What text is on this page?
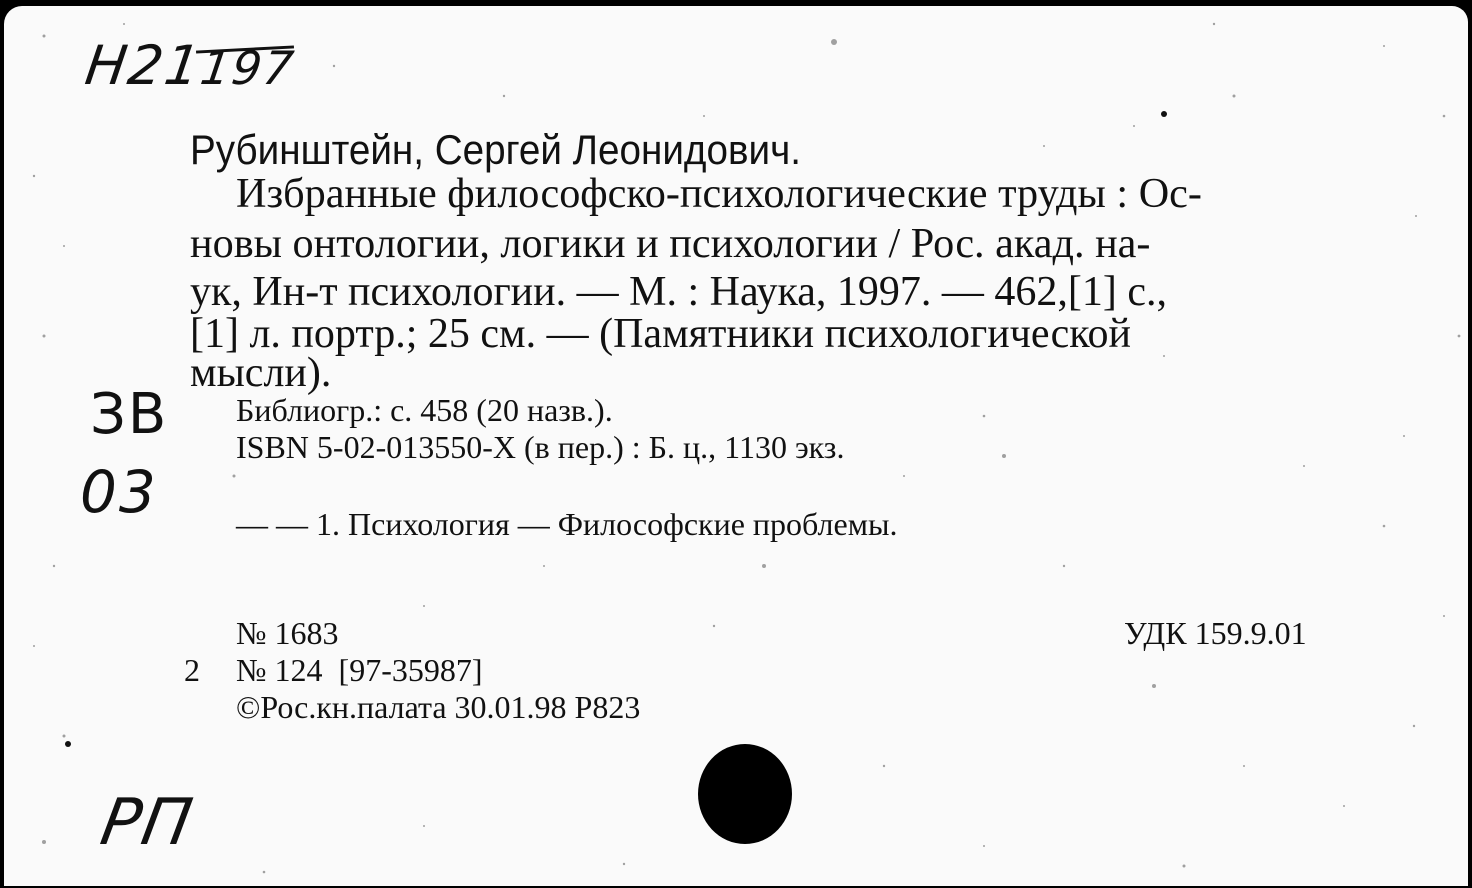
Н21197
ЗВ
03
РП
Рубинштейн, Сергей Леонидович.
Избранные философско-психологические труды : Ос-
новы онтологии, логики и психологии / Рос. акад. на-
ук, Ин-т психологии. — М. : Наука, 1997. — 462,[1] с.,
[1] л. портр.; 25 см. — (Памятники психологической
мысли).
Библиогр.: с. 458 (20 назв.).
ISBN 5-02-013550-X (в пер.) : Б. ц., 1130 экз.
— — 1. Психология — Философские проблемы.
№ 1683
2 № 124  [97-35987]
©Рос.кн.палата 30.01.98 Р823
УДК 159.9.01
